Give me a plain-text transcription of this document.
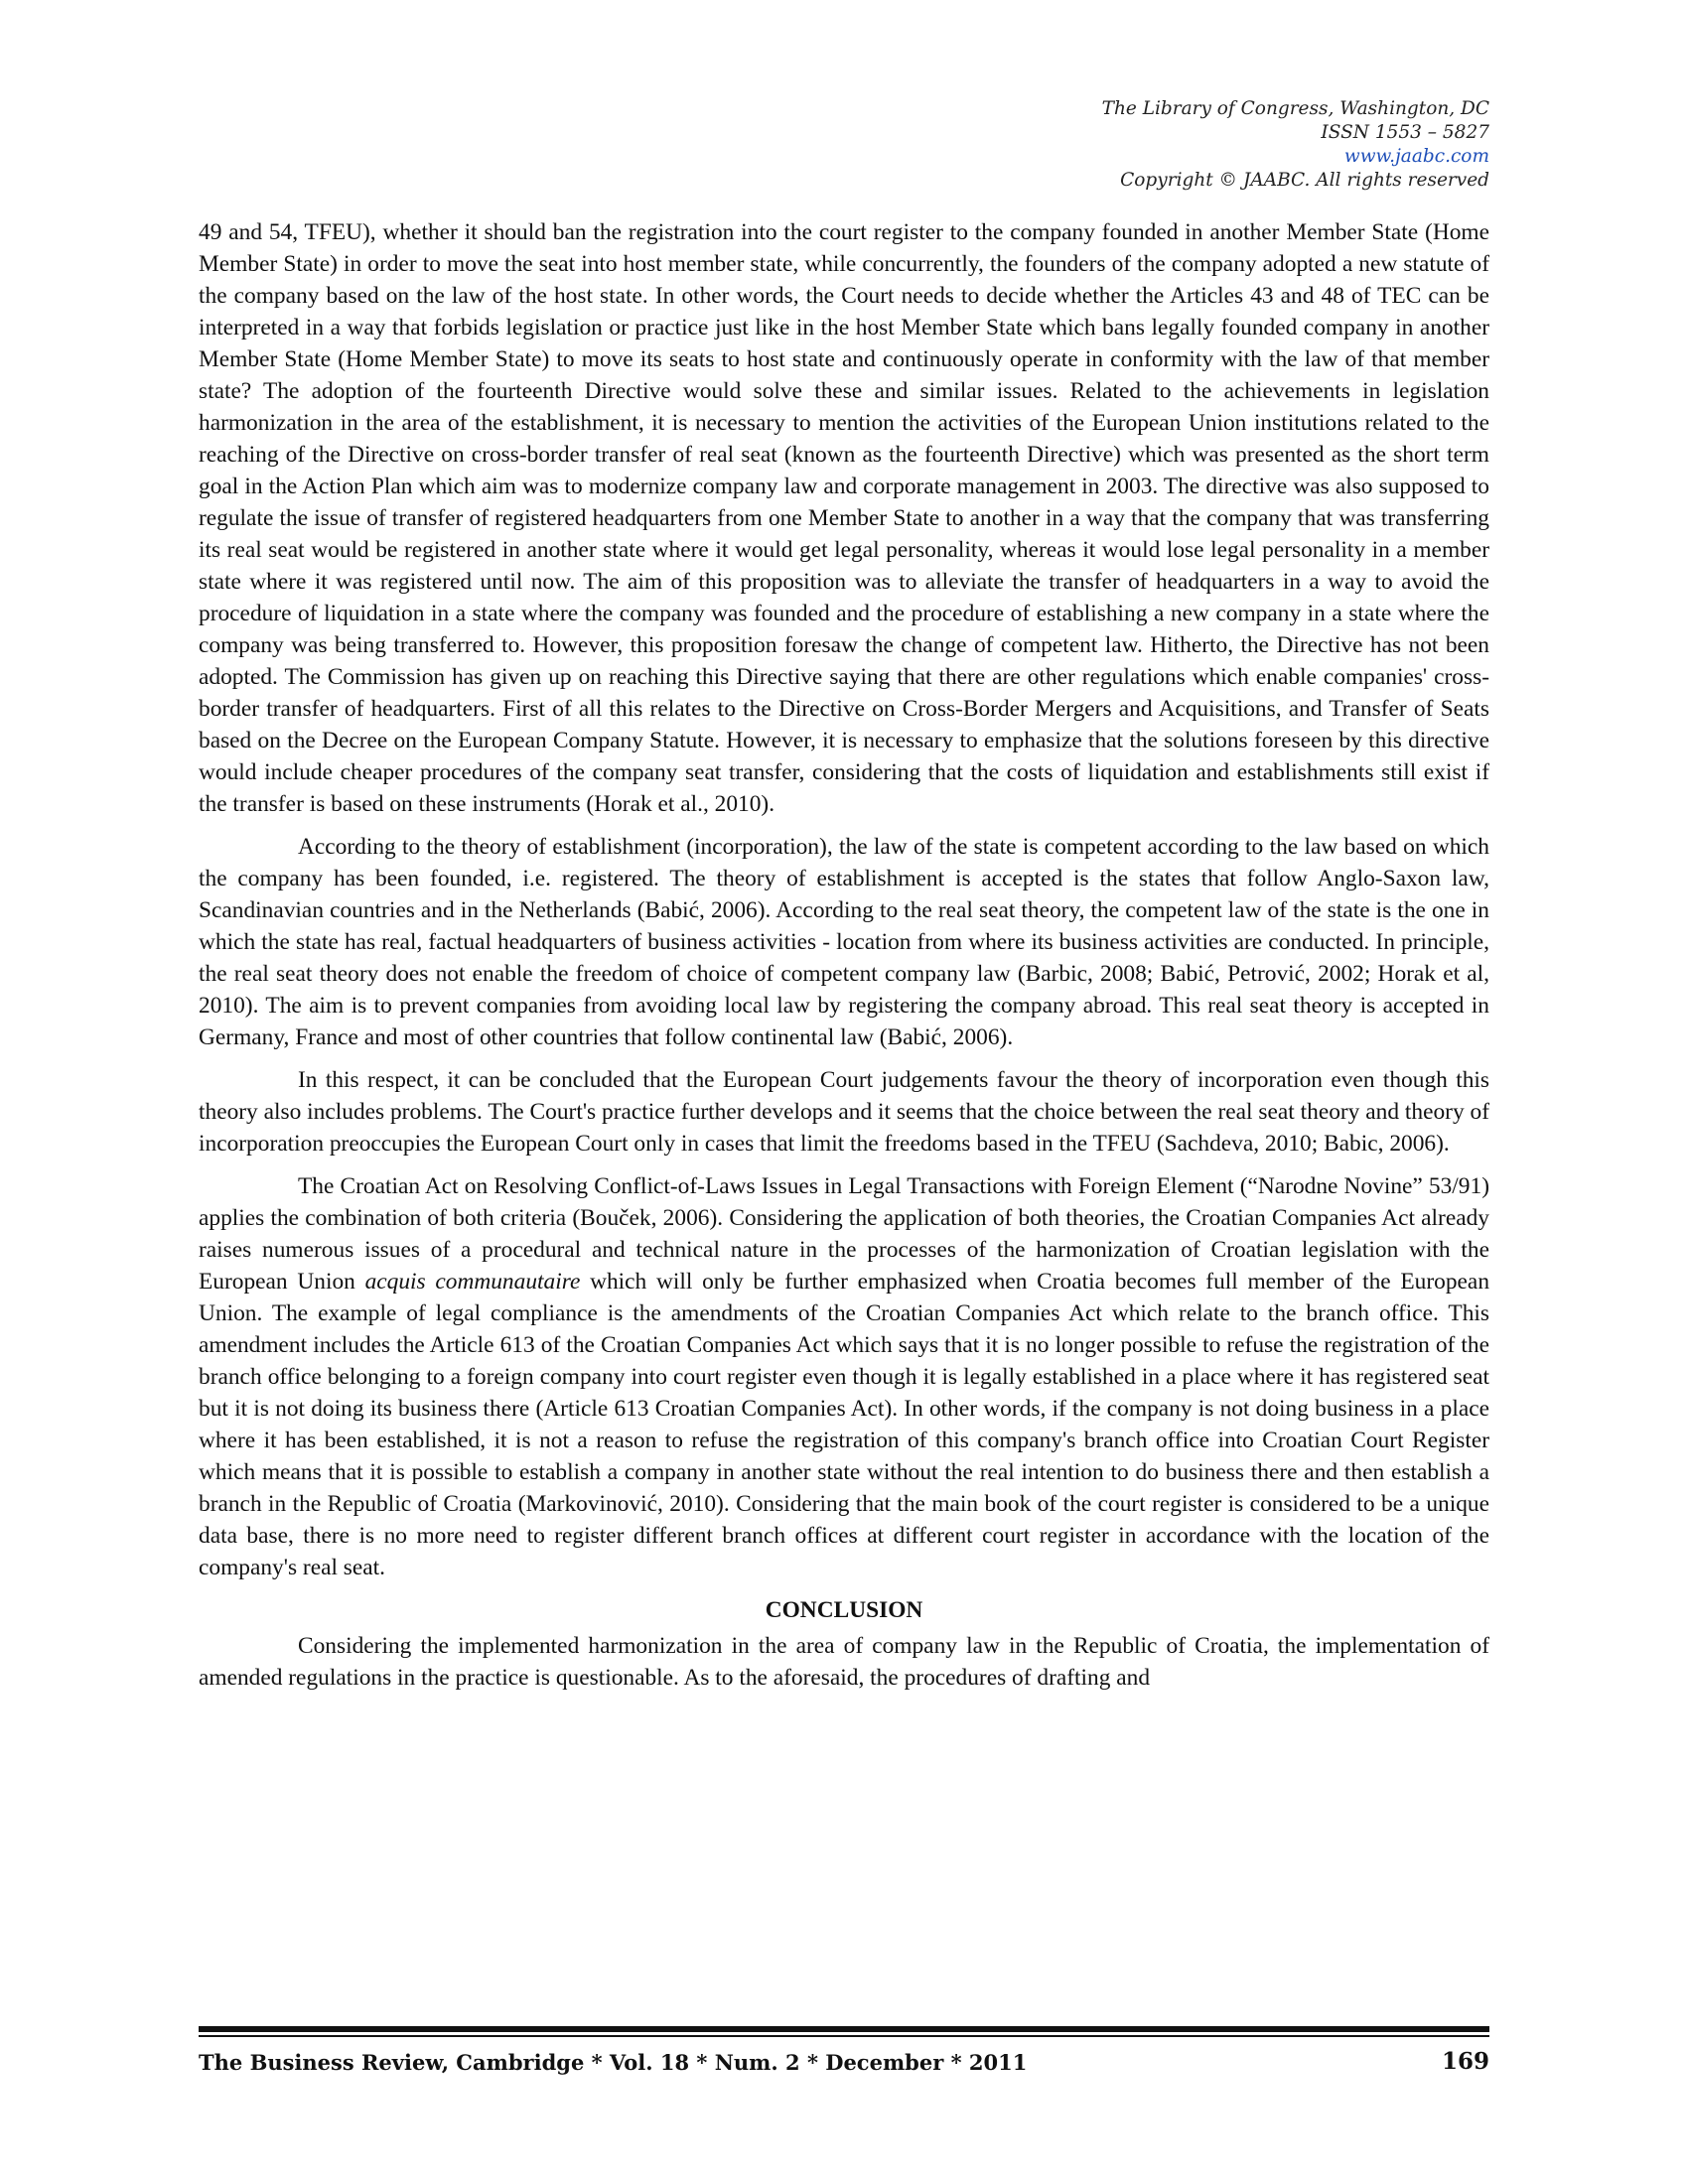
The Library of Congress, Washington, DC
ISSN 1553 – 5827
www.jaabc.com
Copyright © JAABC. All rights reserved

49 and 54, TFEU), whether it should ban the registration into the court register to the company founded in another Member State (Home Member State) in order to move the seat into host member state, while concurrently, the founders of the company adopted a new statute of the company based on the law of the host state. In other words, the Court needs to decide whether the Articles 43 and 48 of TEC can be interpreted in a way that forbids legislation or practice just like in the host Member State which bans legally founded company in another Member State (Home Member State) to move its seats to host state and continuously operate in conformity with the law of that member state? The adoption of the fourteenth Directive would solve these and similar issues. Related to the achievements in legislation harmonization in the area of the establishment, it is necessary to mention the activities of the European Union institutions related to the reaching of the Directive on cross-border transfer of real seat (known as the fourteenth Directive) which was presented as the short term goal in the Action Plan which aim was to modernize company law and corporate management in 2003. The directive was also supposed to regulate the issue of transfer of registered headquarters from one Member State to another in a way that the company that was transferring its real seat would be registered in another state where it would get legal personality, whereas it would lose legal personality in a member state where it was registered until now. The aim of this proposition was to alleviate the transfer of headquarters in a way to avoid the procedure of liquidation in a state where the company was founded and the procedure of establishing a new company in a state where the company was being transferred to. However, this proposition foresaw the change of competent law. Hitherto, the Directive has not been adopted. The Commission has given up on reaching this Directive saying that there are other regulations which enable companies' cross-border transfer of headquarters. First of all this relates to the Directive on Cross-Border Mergers and Acquisitions, and Transfer of Seats based on the Decree on the European Company Statute. However, it is necessary to emphasize that the solutions foreseen by this directive would include cheaper procedures of the company seat transfer, considering that the costs of liquidation and establishments still exist if the transfer is based on these instruments (Horak et al., 2010).

According to the theory of establishment (incorporation), the law of the state is competent according to the law based on which the company has been founded, i.e. registered. The theory of establishment is accepted is the states that follow Anglo-Saxon law, Scandinavian countries and in the Netherlands (Babić, 2006). According to the real seat theory, the competent law of the state is the one in which the state has real, factual headquarters of business activities - location from where its business activities are conducted. In principle, the real seat theory does not enable the freedom of choice of competent company law (Barbic, 2008; Babić, Petrović, 2002; Horak et al, 2010). The aim is to prevent companies from avoiding local law by registering the company abroad. This real seat theory is accepted in Germany, France and most of other countries that follow continental law (Babić, 2006).

In this respect, it can be concluded that the European Court judgements favour the theory of incorporation even though this theory also includes problems. The Court's practice further develops and it seems that the choice between the real seat theory and theory of incorporation preoccupies the European Court only in cases that limit the freedoms based in the TFEU (Sachdeva, 2010; Babic, 2006).

The Croatian Act on Resolving Conflict-of-Laws Issues in Legal Transactions with Foreign Element (“Narodne Novine” 53/91) applies the combination of both criteria (Bouček, 2006). Considering the application of both theories, the Croatian Companies Act already raises numerous issues of a procedural and technical nature in the processes of the harmonization of Croatian legislation with the European Union acquis communautaire which will only be further emphasized when Croatia becomes full member of the European Union. The example of legal compliance is the amendments of the Croatian Companies Act which relate to the branch office. This amendment includes the Article 613 of the Croatian Companies Act which says that it is no longer possible to refuse the registration of the branch office belonging to a foreign company into court register even though it is legally established in a place where it has registered seat but it is not doing its business there (Article 613 Croatian Companies Act). In other words, if the company is not doing business in a place where it has been established, it is not a reason to refuse the registration of this company's branch office into Croatian Court Register which means that it is possible to establish a company in another state without the real intention to do business there and then establish a branch in the Republic of Croatia (Markovinović, 2010). Considering that the main book of the court register is considered to be a unique data base, there is no more need to register different branch offices at different court register in accordance with the location of the company's real seat.

CONCLUSION

Considering the implemented harmonization in the area of company law in the Republic of Croatia, the implementation of amended regulations in the practice is questionable. As to the aforesaid, the procedures of drafting and

The Business Review, Cambridge * Vol. 18 * Num. 2 * December * 2011	169
